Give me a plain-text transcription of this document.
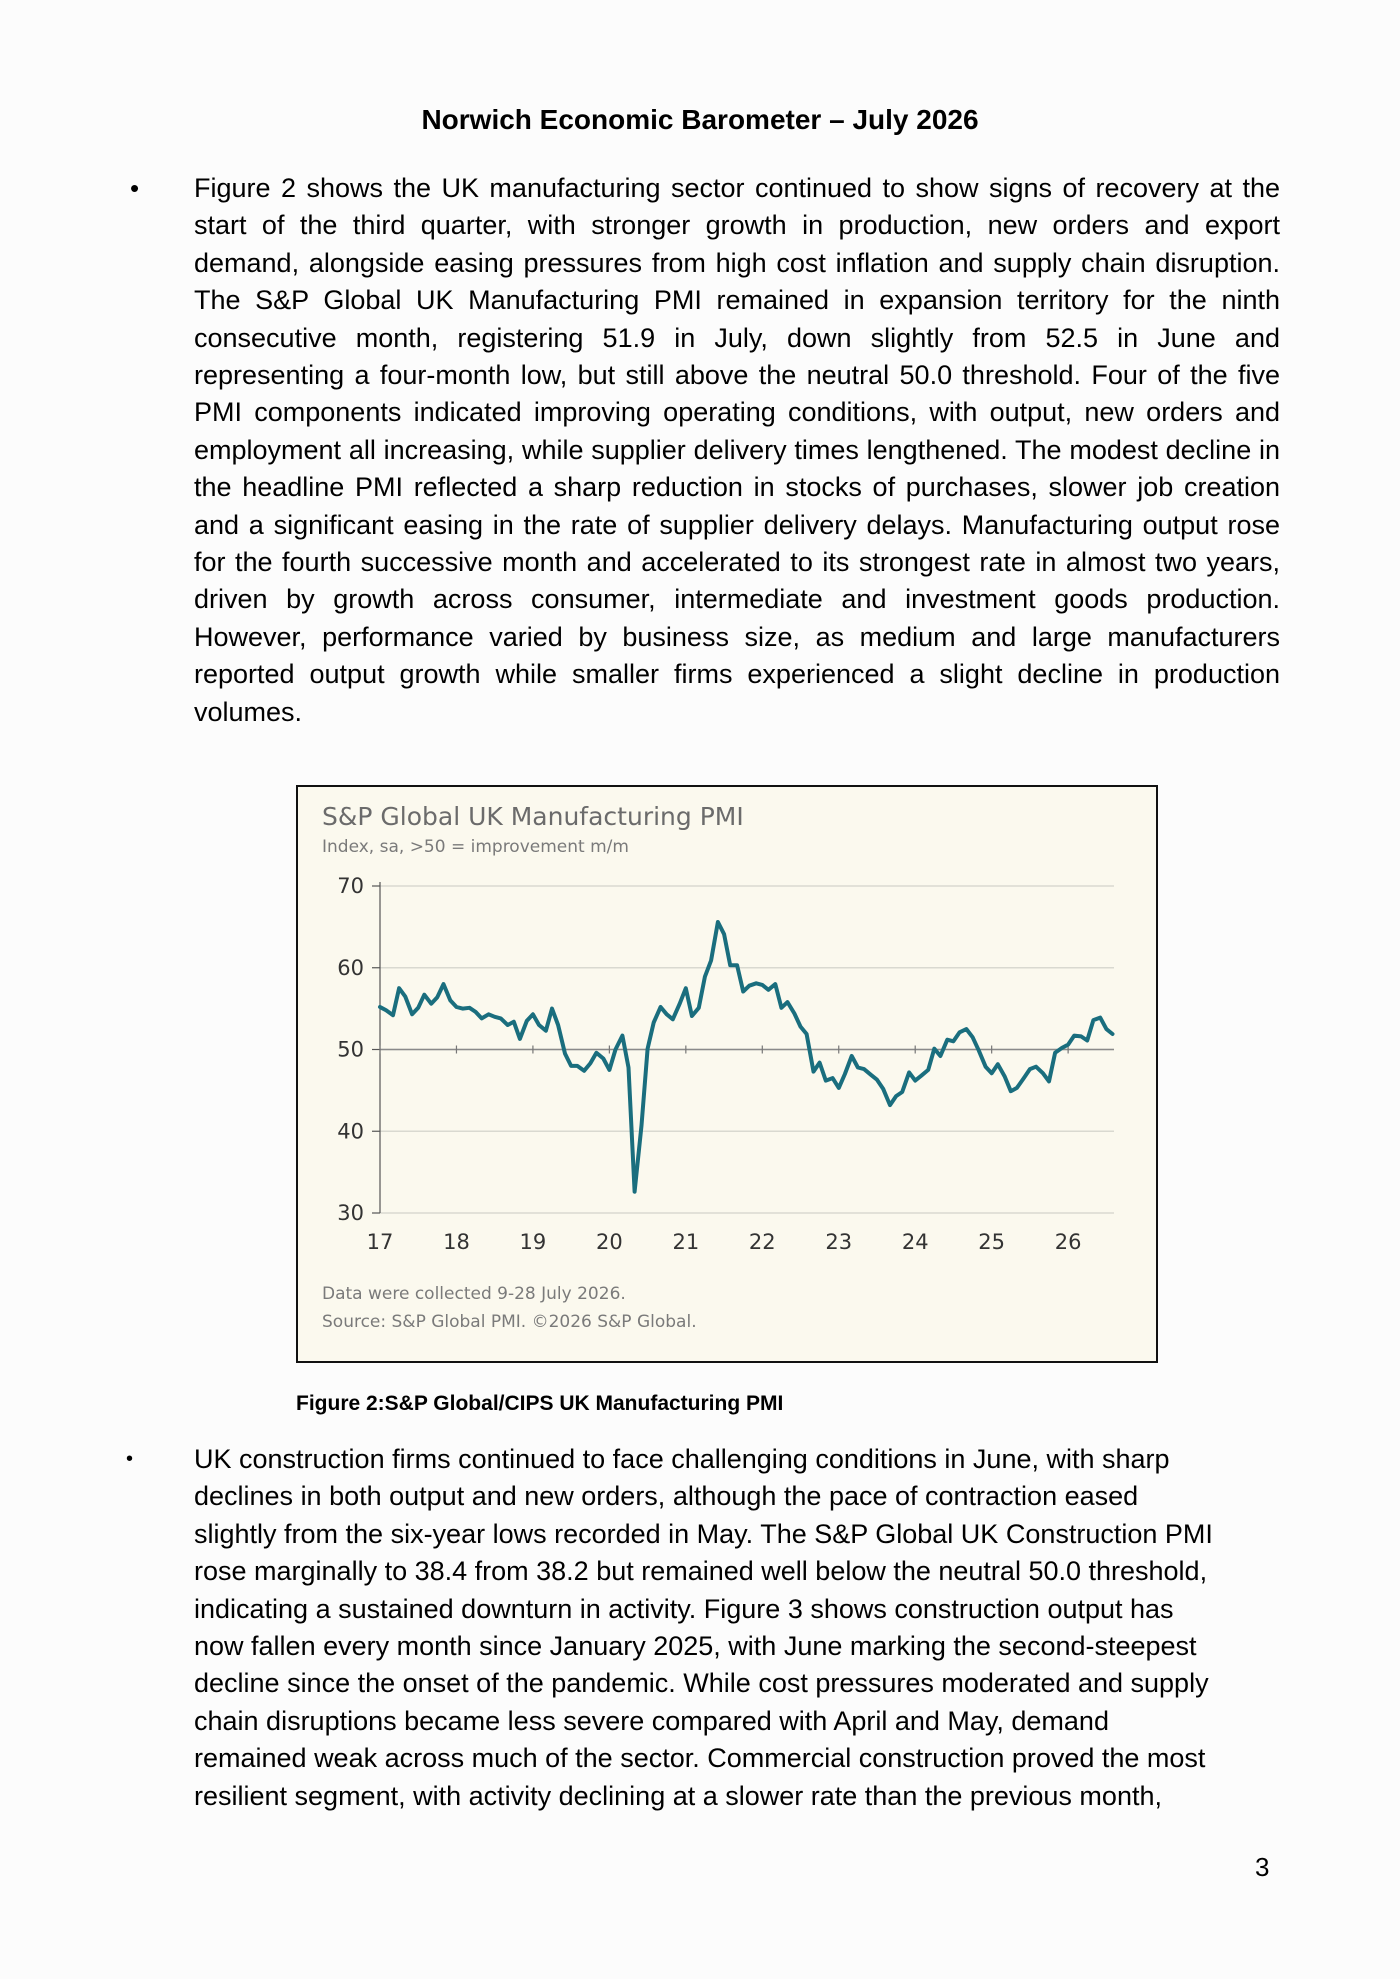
Norwich Economic Barometer – July 2026
• Figure 2 shows the UK manufacturing sector continued to show signs of recovery at the start of the third quarter, with stronger growth in production, new orders and export demand, alongside easing pressures from high cost inflation and supply chain disruption. The S&P Global UK Manufacturing PMI remained in expansion territory for the ninth consecutive month, registering 51.9 in July, down slightly from 52.5 in June and representing a four-month low, but still above the neutral 50.0 threshold. Four of the five PMI components indicated improving operating conditions, with output, new orders and employment all increasing, while supplier delivery times lengthened. The modest decline in the headline PMI reflected a sharp reduction in stocks of purchases, slower job creation and a significant easing in the rate of supplier delivery delays. Manufacturing output rose for the fourth successive month and accelerated to its strongest rate in almost two years, driven by growth across consumer, intermediate and investment goods production. However, performance varied by business size, as medium and large manufacturers reported output growth while smaller firms experienced a slight decline in production volumes.

70
60
50
40
30
17 18 19 20 21 22 23 24 25 26
S&P Global UK Manufacturing PMI
Index, sa, >50 = improvement m/m
Data were collected 9-28 July 2026.
Source: S&P Global PMI. ©2026 S&P Global.
Figure 2:S&P Global/CIPS UK Manufacturing PMI
• UK construction firms continued to face challenging conditions in June, with sharp
declines in both output and new orders, although the pace of contraction eased
slightly from the six-year lows recorded in May. The S&P Global UK Construction PMI
rose marginally to 38.4 from 38.2 but remained well below the neutral 50.0 threshold,
indicating a sustained downturn in activity. Figure 3 shows construction output has
now fallen every month since January 2025, with June marking the second-steepest
decline since the onset of the pandemic. While cost pressures moderated and supply
chain disruptions became less severe compared with April and May, demand
remained weak across much of the sector. Commercial construction proved the most
resilient segment, with activity declining at a slower rate than the previous month,

3
